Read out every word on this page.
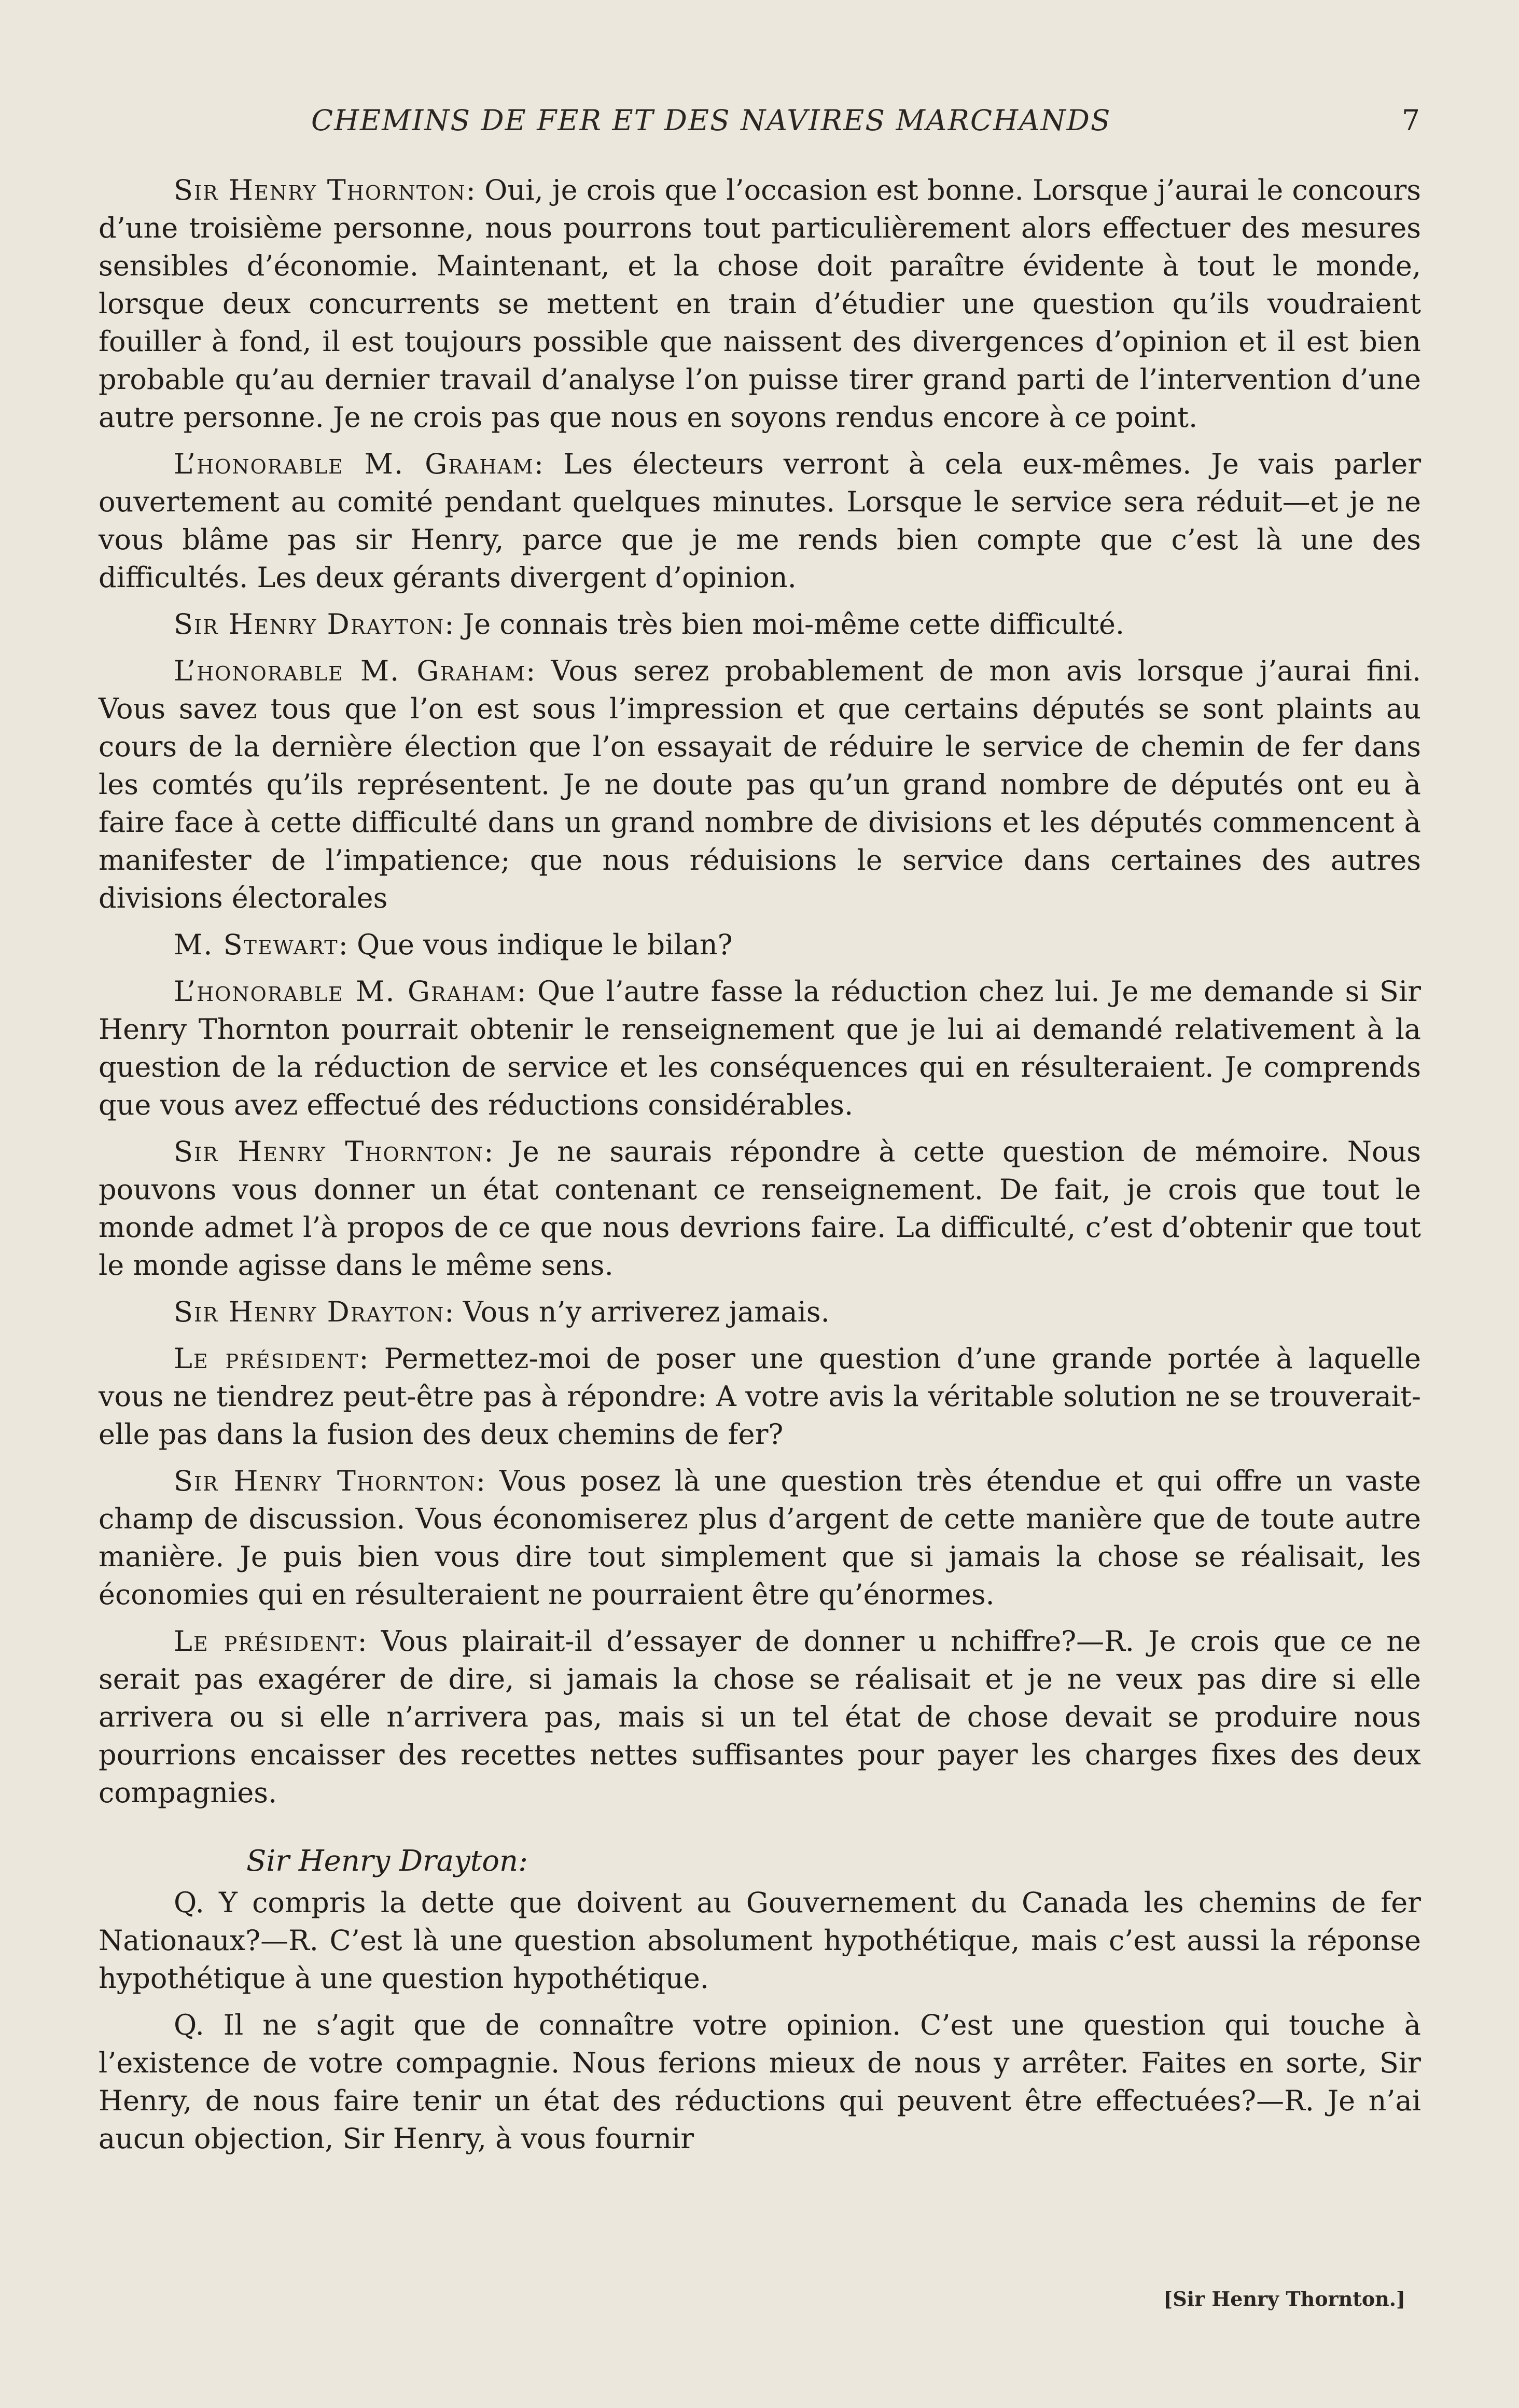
CHEMINS DE FER ET DES NAVIRES MARCHANDS	7

Sir Henry Thornton: Oui, je crois que l’occasion est bonne. Lorsque j’aurai le concours d’une troisième personne, nous pourrons tout particulièrement alors effectuer des mesures sensibles d’économie. Maintenant, et la chose doit paraître évidente à tout le monde, lorsque deux concurrents se mettent en train d’étudier une question qu’ils voudraient fouiller à fond, il est toujours possible que naissent des divergences d’opinion et il est bien probable qu’au dernier travail d’analyse l’on puisse tirer grand parti de l’intervention d’une autre personne. Je ne crois pas que nous en soyons rendus encore à ce point.

L’honorable M. Graham: Les électeurs verront à cela eux-mêmes. Je vais parler ouvertement au comité pendant quelques minutes. Lorsque le service sera réduit—et je ne vous blâme pas sir Henry, parce que je me rends bien compte que c’est là une des difficultés. Les deux gérants divergent d’opinion.

Sir Henry Drayton: Je connais très bien moi-même cette difficulté.

L’honorable M. Graham: Vous serez probablement de mon avis lorsque j’aurai fini. Vous savez tous que l’on est sous l’impression et que certains députés se sont plaints au cours de la dernière élection que l’on essayait de réduire le service de chemin de fer dans les comtés qu’ils représentent. Je ne doute pas qu’un grand nombre de députés ont eu à faire face à cette difficulté dans un grand nombre de divisions et les députés commencent à manifester de l’impatience; que nous réduisions le service dans certaines des autres divisions électorales

M. Stewart: Que vous indique le bilan?

L’honorable M. Graham: Que l’autre fasse la réduction chez lui. Je me demande si Sir Henry Thornton pourrait obtenir le renseignement que je lui ai demandé relativement à la question de la réduction de service et les conséquences qui en résulteraient. Je comprends que vous avez effectué des réductions considérables.

Sir Henry Thornton: Je ne saurais répondre à cette question de mémoire. Nous pouvons vous donner un état contenant ce renseignement. De fait, je crois que tout le monde admet l’à propos de ce que nous devrions faire. La difficulté, c’est d’obtenir que tout le monde agisse dans le même sens.

Sir Henry Drayton: Vous n’y arriverez jamais.

Le président: Permettez-moi de poser une question d’une grande portée à laquelle vous ne tiendrez peut-être pas à répondre: A votre avis la véritable solution ne se trouverait-elle pas dans la fusion des deux chemins de fer?

Sir Henry Thornton: Vous posez là une question très étendue et qui offre un vaste champ de discussion. Vous économiserez plus d’argent de cette manière que de toute autre manière. Je puis bien vous dire tout simplement que si jamais la chose se réalisait, les économies qui en résulteraient ne pourraient être qu’énormes.

Le président: Vous plairait-il d’essayer de donner u nchiffre?—R. Je crois que ce ne serait pas exagérer de dire, si jamais la chose se réalisait et je ne veux pas dire si elle arrivera ou si elle n’arrivera pas, mais si un tel état de chose devait se produire nous pourrions encaisser des recettes nettes suffisantes pour payer les charges fixes des deux compagnies.

Sir Henry Drayton:

Q. Y compris la dette que doivent au Gouvernement du Canada les chemins de fer Nationaux?—R. C’est là une question absolument hypothétique, mais c’est aussi la réponse hypothétique à une question hypothétique.

Q. Il ne s’agit que de connaître votre opinion. C’est une question qui touche à l’existence de votre compagnie. Nous ferions mieux de nous y arrêter. Faites en sorte, Sir Henry, de nous faire tenir un état des réductions qui peuvent être effectuées?—R. Je n’ai aucun objection, Sir Henry, à vous fournir

[Sir Henry Thornton.]
